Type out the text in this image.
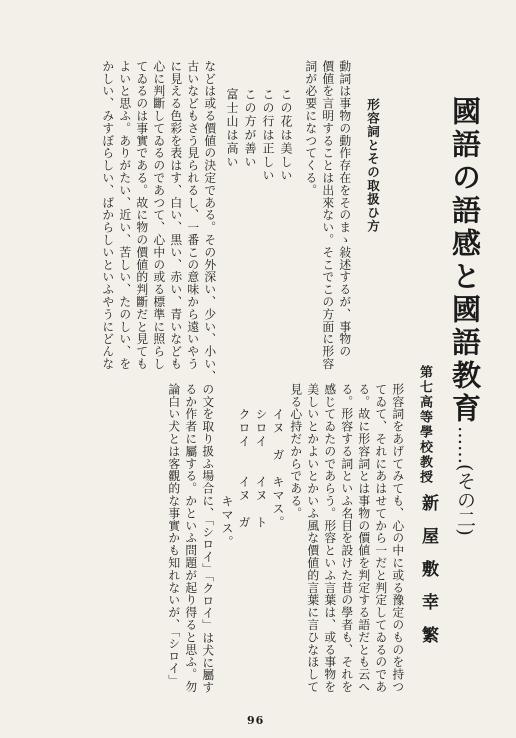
國語の語感と國語教育……(その二)
第七高等學校教授
新屋敷幸繁
形容詞をあげてみても、心の中に或る豫定のものを持つ
てゐて、それにあはせてから一だと判定してゐるのであ
る。故に形容詞とは事物の價値を判定する語だとも云へ
る。形容する詞といふ名目を設けた昔の學者も、それを
感じてゐたのであらう。形容といふ言葉は、或る事物を
美しいとかよいとかいふ風な價値的言葉に言ひなほして
見る心持だからである。
イヌ　ガ　キマス。
シロイ　　イヌ　ト
クロイ　　イヌ　ガ
キマス。
の文を取り扱ふ場合に、「シロイ」「クロイ」は犬に屬す
るか作者に屬する。かといふ問題が起り得ると思ふ。勿
論白い犬とは客觀的な事實かも知れないが、「シロイ」
形容詞とその取扱ひ方
動詞は事物の動作存在をそのまゝ敍述するが、事物の
價値を言明することは出來ない。そこでこの方面に形容
詞が必要になつてくる。
この花は美しい
この行は正しい
この方が善い
富士山は高い
などは或る價値の決定である。その外深い、少い、小い、
古いなどもさう見られるし、一番この意味から遠いやう
に見える色彩を表はす、白い、黒い、赤い、青いなども
心に判斷してゐるのであつて、心中の或る標準に照らし
てゐるのは事實である。故に物の價値的判斷だと見ても
よいと思ふ。ありがたい、近い、苦しい、たのしい、を
かしい、みすぼらしい、ばからしいといふやうにどんな
96
